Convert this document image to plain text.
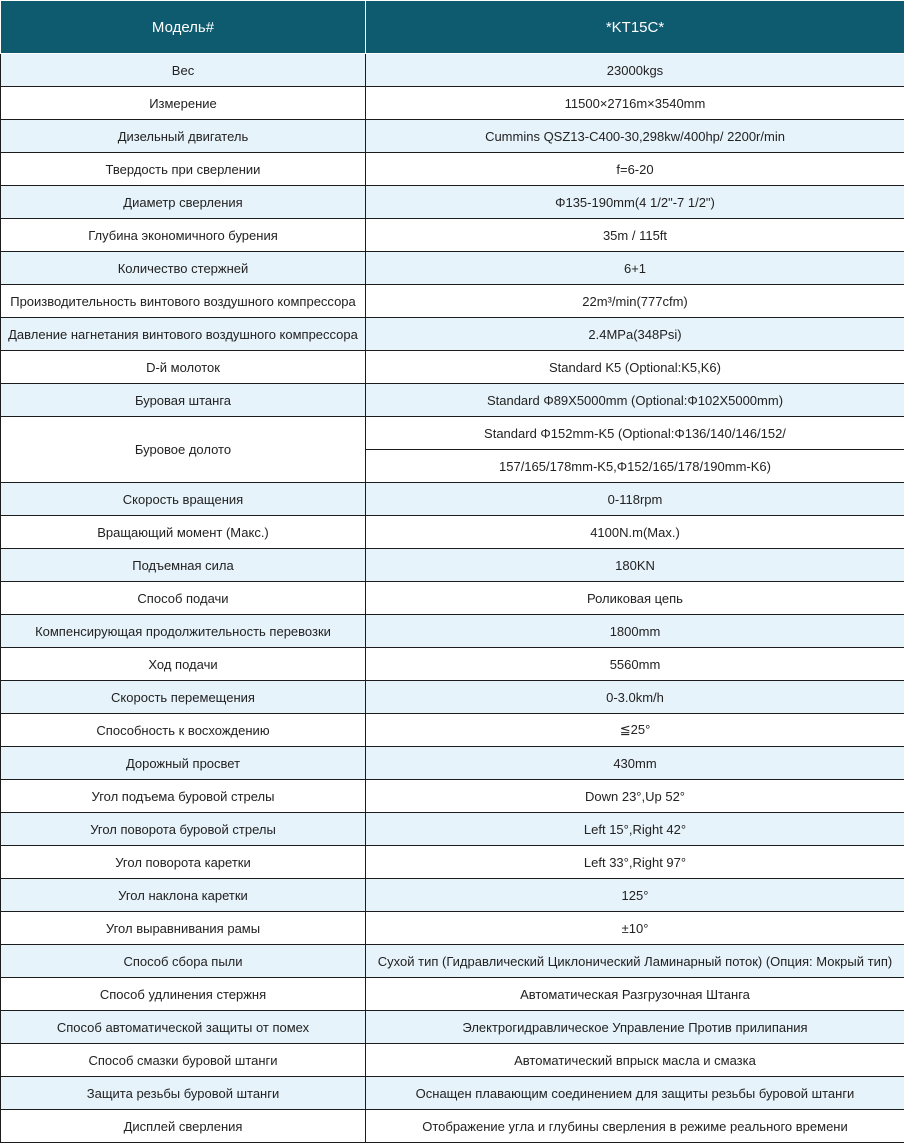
Модель#	*KT15C*
Вес	23000kgs
Измерение	11500×2716m×3540mm
Дизельный двигатель	Cummins QSZ13-C400-30,298kw/400hp/ 2200r/min
Твердость при сверлении	f=6-20
Диаметр сверления	Φ135-190mm(4 1/2"-7 1/2")
Глубина экономичного бурения	35m / 115ft
Количество стержней	6+1
Производительность винтового воздушного компрессора	22m³/min(777cfm)
Давление нагнетания винтового воздушного компрессора	2.4MPa(348Psi)
D-й молоток	Standard K5 (Optional:K5,K6)
Буровая штанга	Standard Φ89X5000mm (Optional:Φ102X5000mm)
Буровое долото	Standard Φ152mm-K5 (Optional:Φ136/140/146/152/
	157/165/178mm-K5,Φ152/165/178/190mm-K6)
Скорость вращения	0-118rpm
Вращающий момент (Макс.)	4100N.m(Max.)
Подъемная сила	180KN
Способ подачи	Роликовая цепь
Компенсирующая продолжительность перевозки	1800mm
Ход подачи	5560mm
Скорость перемещения	0-3.0km/h
Способность к восхождению	≦25°
Дорожный просвет	430mm
Угол подъема буровой стрелы	Down 23°,Up 52°
Угол поворота буровой стрелы	Left 15°,Right 42°
Угол поворота каретки	Left 33°,Right 97°
Угол наклона каретки	125°
Угол выравнивания рамы	±10°
Способ сбора пыли	Сухой тип (Гидравлический Циклонический Ламинарный поток) (Опция: Мокрый тип)
Способ удлинения стержня	Автоматическая Разгрузочная Штанга
Способ автоматической защиты от помех	Электрогидравлическое Управление Против прилипания
Способ смазки буровой штанги	Автоматический впрыск масла и смазка
Защита резьбы буровой штанги	Оснащен плавающим соединением для защиты резьбы буровой штанги
Дисплей сверления	Отображение угла и глубины сверления в режиме реального времени
